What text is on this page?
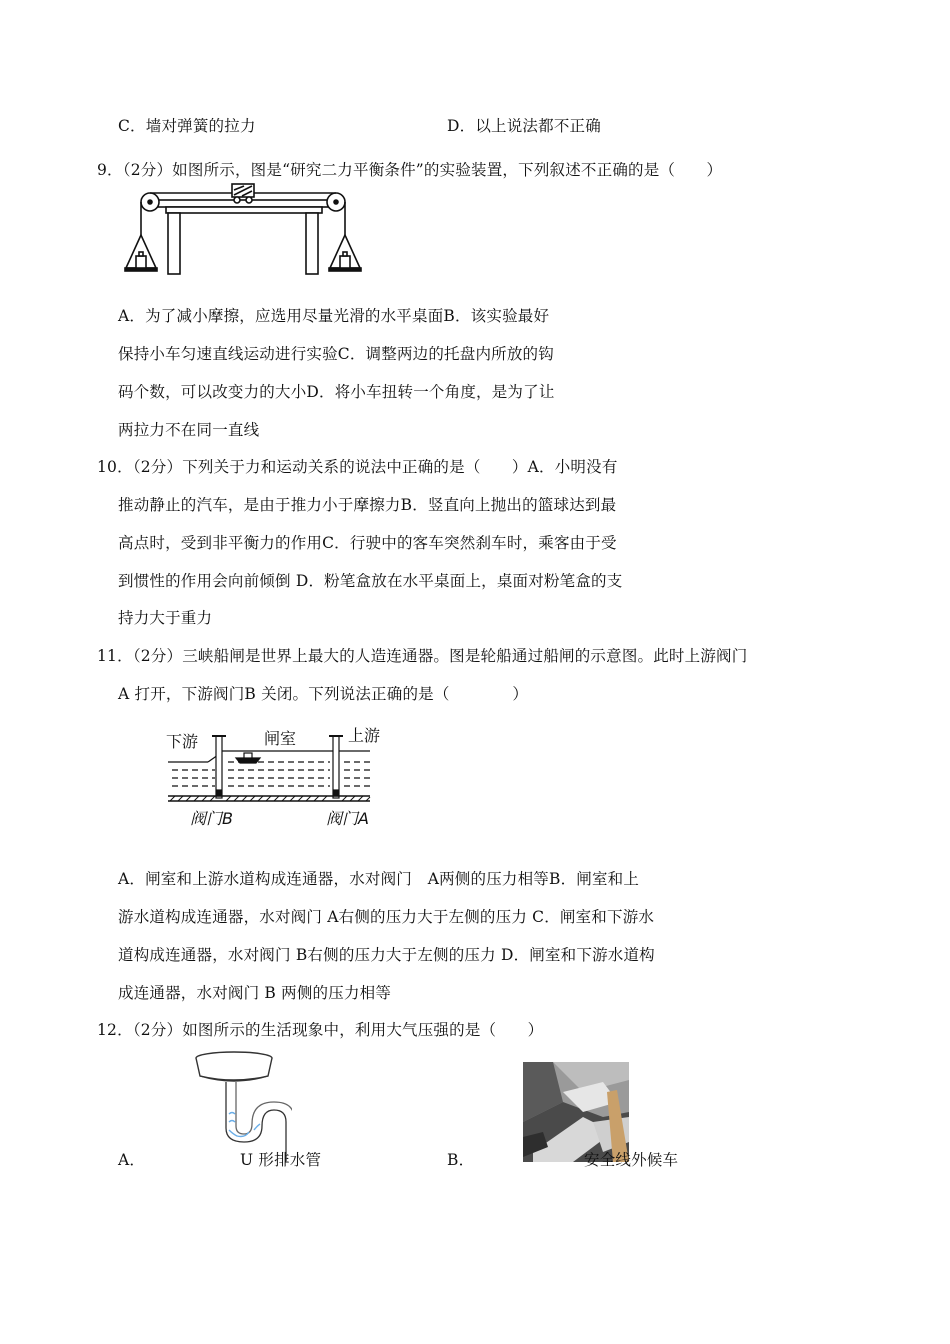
C．墙对弹簧的拉力	D．以上说法都不正确
9．（2分）如图所示，图是“研究二力平衡条件”的实验装置，下列叙述不正确的是（　　）
A．为了减小摩擦，应选用尽量光滑的水平桌面B．该实验最好
保持小车匀速直线运动进行实验C．调整两边的托盘内所放的钩
码个数，可以改变力的大小D．将小车扭转一个角度，是为了让
两拉力不在同一直线
10．（2分）下列关于力和运动关系的说法中正确的是（　　）A．小明没有
推动静止的汽车，是由于推力小于摩擦力B．竖直向上抛出的篮球达到最
高点时，受到非平衡力的作用C．行驶中的客车突然刹车时，乘客由于受
到惯性的作用会向前倾倒 D．粉笔盒放在水平桌面上，桌面对粉笔盒的支
持力大于重力
11．（2分）三峡船闸是世界上最大的人造连通器。图是轮船通过船闸的示意图。此时上游阀门
A 打开，下游阀门B 关闭。下列说法正确的是（　　　　）
下游	闸室	上游
阀门B	阀门A
A．闸室和上游水道构成连通器，水对阀门　A两侧的压力相等B．闸室和上
游水道构成连通器，水对阀门 A右侧的压力大于左侧的压力 C．闸室和下游水
道构成连通器，水对阀门 B右侧的压力大于左侧的压力 D．闸室和下游水道构
成连通器，水对阀门 B 两侧的压力相等
12．（2分）如图所示的生活现象中，利用大气压强的是（　　）
A．	U 形排水管	B．	安全线外候车
